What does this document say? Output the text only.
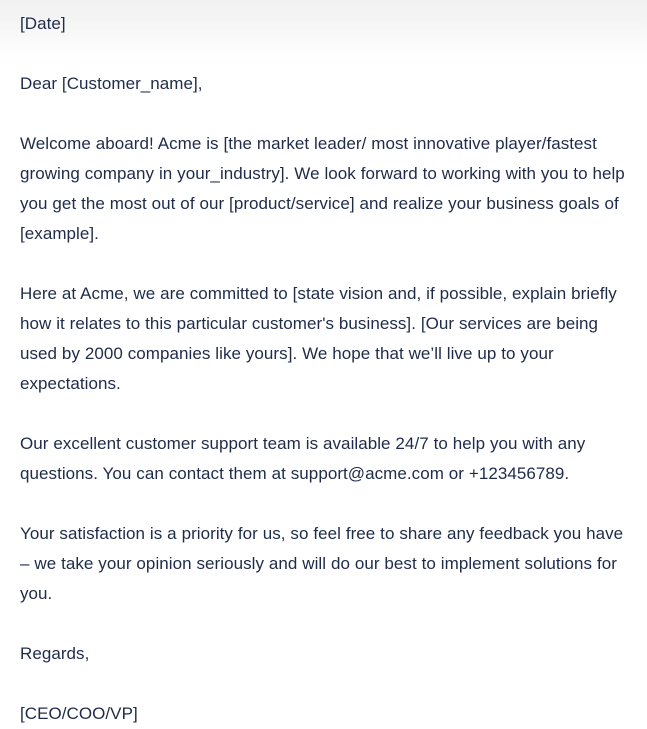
[Date]

Dear [Customer_name],

Welcome aboard! Acme is [the market leader/ most innovative player/fastest growing company in your_industry]. We look forward to working with you to help you get the most out of our [product/service] and realize your business goals of [example].

Here at Acme, we are committed to [state vision and, if possible, explain briefly how it relates to this particular customer's business]. [Our services are being used by 2000 companies like yours]. We hope that we’ll live up to your expectations.

Our excellent customer support team is available 24/7 to help you with any questions. You can contact them at support@acme.com or +123456789.

Your satisfaction is a priority for us, so feel free to share any feedback you have – we take your opinion seriously and will do our best to implement solutions for you.

Regards,

[CEO/COO/VP]
